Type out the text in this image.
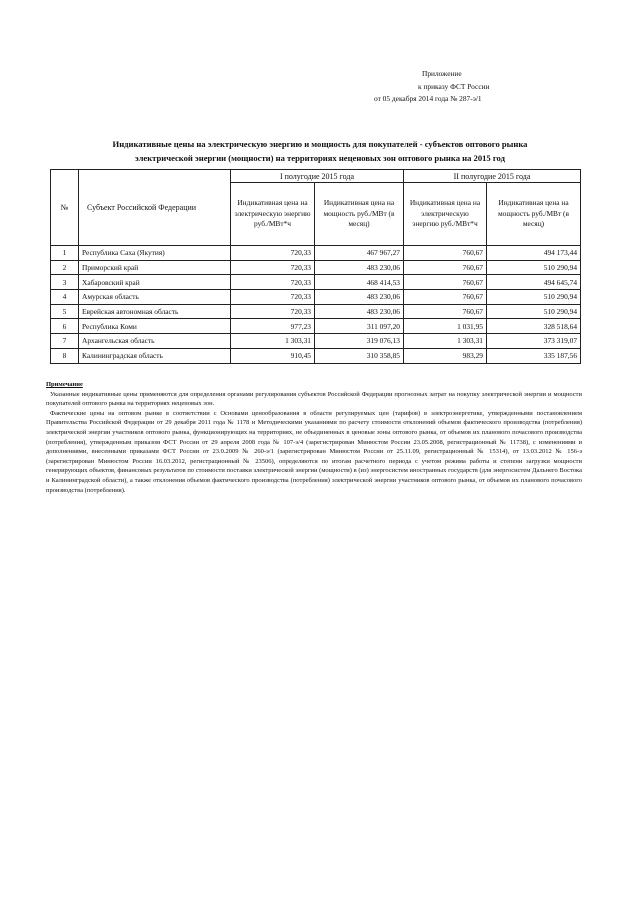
Приложение
к приказу ФСТ России
от 05 декабря 2014 года № 287-э/1
Индикативные цены на электрическую энергию и мощность для покупателей - субъектов оптового рынка
электрической энергии (мощности) на территориях неценовых зон оптового рынка на 2015 год
№	Субъект Российской Федерации	I полугодие 2015 года		II полугодие 2015 года	
		Индикативная цена на электрическую энергию руб./МВт*ч	Индикативная цена на мощность руб./МВт (в месяц)	Индикативная цена на электрическую энергию руб./МВт*ч	Индикативная цена на мощность руб./МВт (в месяц)
1	Республика Саха (Якутия)	720,33	467 967,27	760,67	494 173,44
2	Приморский край	720,33	483 230,06	760,67	510 290,94
3	Хабаровский край	720,33	468 414,53	760,67	494 645,74
4	Амурская область	720,33	483 230,06	760,67	510 290,94
5	Еврейская автономная область	720,33	483 230,06	760,67	510 290,94
6	Республика Коми	977,23	311 097,20	1 031,95	328 518,64
7	Архангельская область	1 303,31	319 076,13	1 303,31	373 319,07
8	Калининградская область	910,45	310 358,85	983,29	335 187,56
Примечание

Указанные индикативные цены применяются для определения органами регулирования субъектов Российской Федерации прогнозных затрат на покупку электрической энергии и мощности покупателей оптового рынка на территориях неценовых зон.

Фактические цены на оптовом рынке в соответствии с Основами ценообразования в области регулируемых цен (тарифов) в электроэнергетике, утвержденными постановлением Правительства Российской Федерации от 29 декабря 2011 года № 1178 и Методическими указаниями по расчету стоимости отклонений объемов фактического производства (потребления) электрической энергии участников оптового рынка, функционирующих на территориях, не объединенных в ценовые зоны оптового рынка, от объемов их планового почасового производства (потребления), утвержденным приказом ФСТ России от 29 апреля 2008 года № 107-э/4 (зарегистрирован Минюстом России 23.05.2008, регистрационный № 11738), с изменениями и дополнениями, внесенными приказами ФСТ России от 23.0.2009 № 260-э/1 (зарегистрирован Минюстом России от 25.11.09, регистрационный № 15314), от 13.03.2012 № 156-э (зарегистрирован Минюстом России 16.03.2012, регистрационный № 23506), определяются по итогам расчетного периода с учетом режима работы и степени загрузки мощности генерирующих объектов, финансовых результатов по стоимости поставки электрической энергии (мощности) в (из) энергосистем иностранных государств (для энергосистем Дальнего Востока и Калининградской области), а также отклонения объемов фактического производства (потребления) электрической энергии участников оптового рынка, от объемов их планового почасового производства (потребления).
